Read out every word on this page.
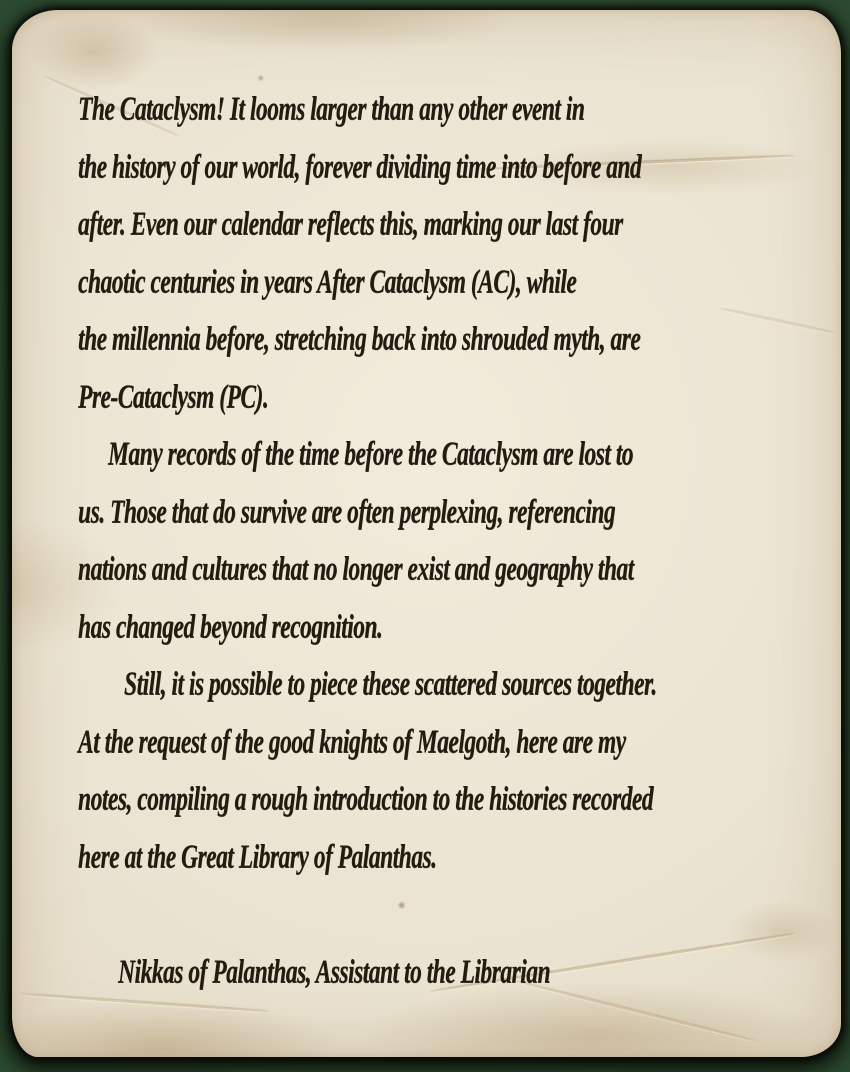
The Cataclysm! It looms larger than any other event in
the history of our world, forever dividing time into before and
after. Even our calendar reflects this, marking our last four
chaotic centuries in years After Cataclysm (AC), while
the millennia before, stretching back into shrouded myth, are
Pre-Cataclysm (PC).
Many records of the time before the Cataclysm are lost to
us. Those that do survive are often perplexing, referencing
nations and cultures that no longer exist and geography that
has changed beyond recognition.
Still, it is possible to piece these scattered sources together.
At the request of the good knights of Maelgoth, here are my
notes, compiling a rough introduction to the histories recorded
here at the Great Library of Palanthas.
Nikkas of Palanthas, Assistant to the Librarian
